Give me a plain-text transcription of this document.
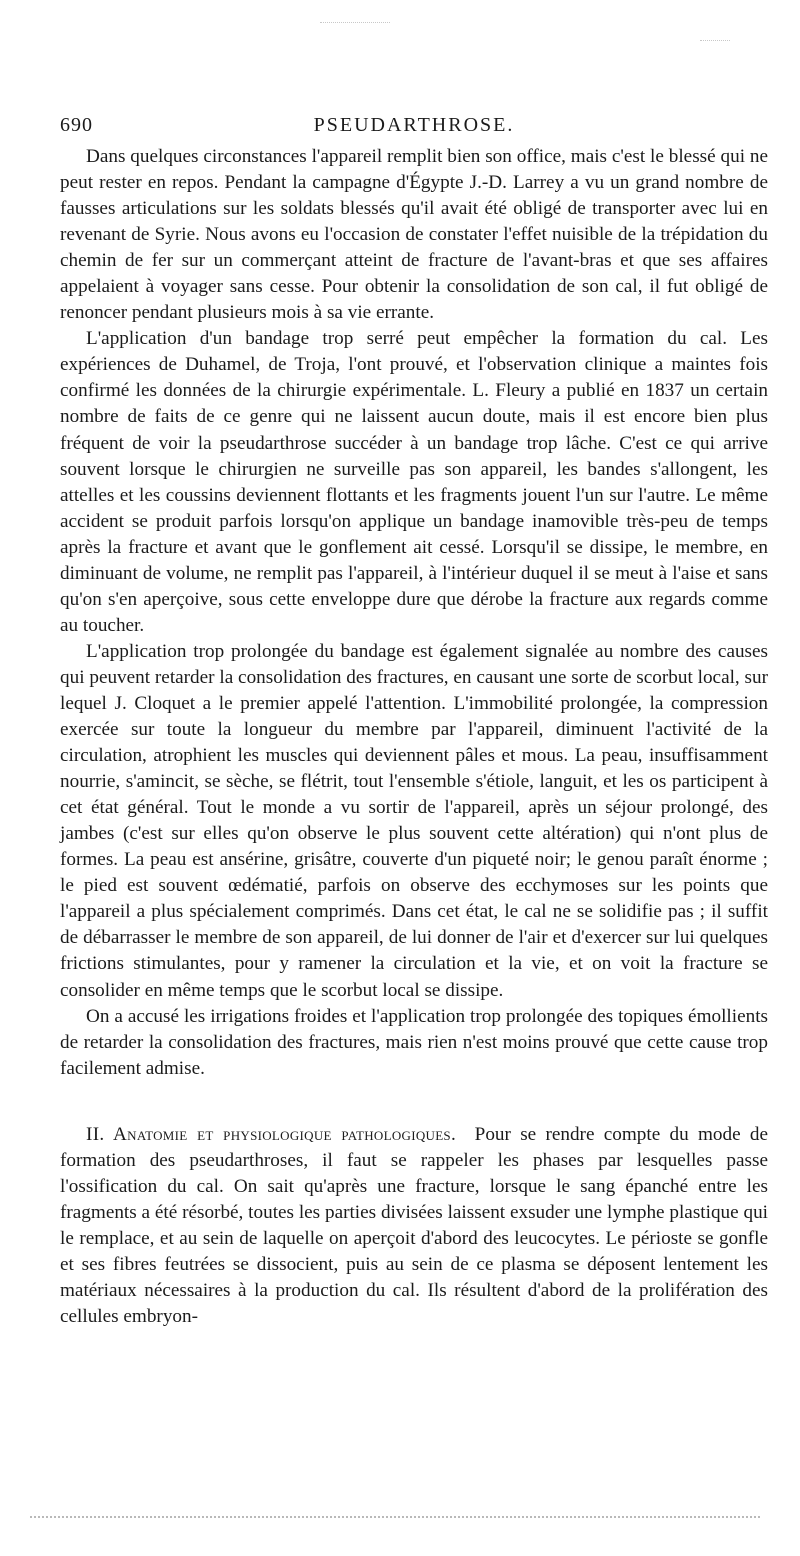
690	PSEUDARTHROSE.

Dans quelques circonstances l'appareil remplit bien son office, mais c'est le blessé qui ne peut rester en repos. Pendant la campagne d'Égypte J.-D. Larrey a vu un grand nombre de fausses articulations sur les soldats blessés qu'il avait été obligé de transporter avec lui en revenant de Syrie. Nous avons eu l'occasion de constater l'effet nuisible de la trépidation du chemin de fer sur un commerçant atteint de fracture de l'avant-bras et que ses affaires appelaient à voyager sans cesse. Pour obtenir la consolidation de son cal, il fut obligé de renoncer pendant plusieurs mois à sa vie errante.

L'application d'un bandage trop serré peut empêcher la formation du cal. Les expériences de Duhamel, de Troja, l'ont prouvé, et l'observation clinique a maintes fois confirmé les données de la chirurgie expérimentale. L. Fleury a publié en 1837 un certain nombre de faits de ce genre qui ne laissent aucun doute, mais il est encore bien plus fréquent de voir la pseudarthrose succéder à un bandage trop lâche. C'est ce qui arrive souvent lorsque le chirurgien ne surveille pas son appareil, les bandes s'allongent, les attelles et les coussins deviennent flottants et les fragments jouent l'un sur l'autre. Le même accident se produit parfois lorsqu'on applique un bandage inamovible très-peu de temps après la fracture et avant que le gonflement ait cessé. Lorsqu'il se dissipe, le membre, en diminuant de volume, ne remplit pas l'appareil, à l'intérieur duquel il se meut à l'aise et sans qu'on s'en aperçoive, sous cette enveloppe dure que dérobe la fracture aux regards comme au toucher.

L'application trop prolongée du bandage est également signalée au nombre des causes qui peuvent retarder la consolidation des fractures, en causant une sorte de scorbut local, sur lequel J. Cloquet a le premier appelé l'attention. L'immobilité prolongée, la compression exercée sur toute la longueur du membre par l'appareil, diminuent l'activité de la circulation, atrophient les muscles qui deviennent pâles et mous. La peau, insuffisamment nourrie, s'amincit, se sèche, se flétrit, tout l'ensemble s'étiole, languit, et les os participent à cet état général. Tout le monde a vu sortir de l'appareil, après un séjour prolongé, des jambes (c'est sur elles qu'on observe le plus souvent cette altération) qui n'ont plus de formes. La peau est ansérine, grisâtre, couverte d'un piqueté noir; le genou paraît énorme ; le pied est souvent œdématié, parfois on observe des ecchymoses sur les points que l'appareil a plus spécialement comprimés. Dans cet état, le cal ne se solidifie pas ; il suffit de débarrasser le membre de son appareil, de lui donner de l'air et d'exercer sur lui quelques frictions stimulantes, pour y ramener la circulation et la vie, et on voit la fracture se consolider en même temps que le scorbut local se dissipe.

On a accusé les irrigations froides et l'application trop prolongée des topiques émollients de retarder la consolidation des fractures, mais rien n'est moins prouvé que cette cause trop facilement admise.

II. Anatomie et physiologique pathologiques. Pour se rendre compte du mode de formation des pseudarthroses, il faut se rappeler les phases par lesquelles passe l'ossification du cal. On sait qu'après une fracture, lorsque le sang épanché entre les fragments a été résorbé, toutes les parties divisées laissent exsuder une lymphe plastique qui le remplace, et au sein de laquelle on aperçoit d'abord des leucocytes. Le périoste se gonfle et ses fibres feutrées se dissocient, puis au sein de ce plasma se déposent lentement les matériaux nécessaires à la production du cal. Ils résultent d'abord de la prolifération des cellules embryon-
